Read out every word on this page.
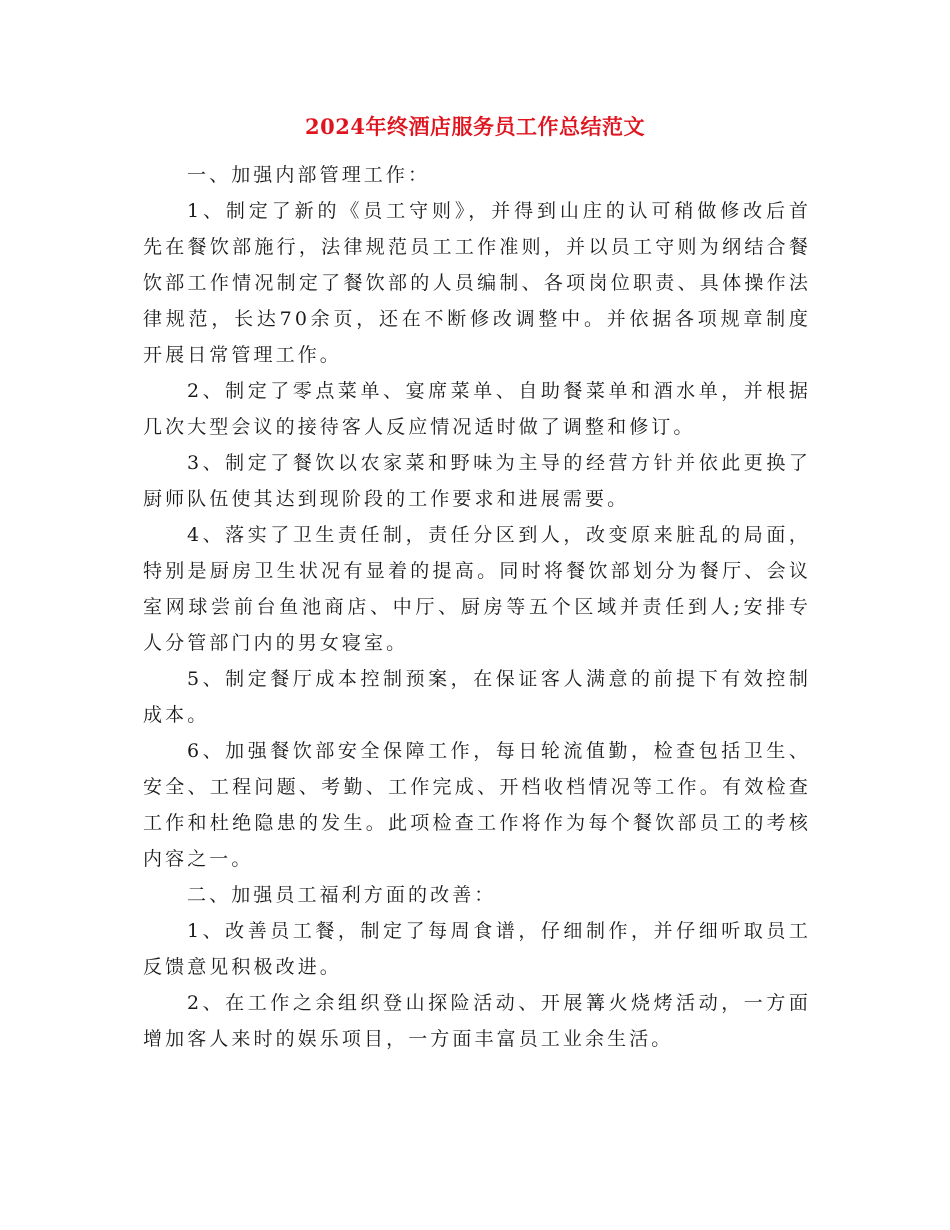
2024年终酒店服务员工作总结范文

一、加强内部管理工作：

1、制定了新的《员工守则》，并得到山庄的认可稍做修改后首先在餐饮部施行，法律规范员工工作准则，并以员工守则为纲结合餐饮部工作情况制定了餐饮部的人员编制、各项岗位职责、具体操作法律规范，长达70余页，还在不断修改调整中。并依据各项规章制度开展日常管理工作。

2、制定了零点菜单、宴席菜单、自助餐菜单和酒水单，并根据几次大型会议的接待客人反应情况适时做了调整和修订。

3、制定了餐饮以农家菜和野味为主导的经营方针并依此更换了厨师队伍使其达到现阶段的工作要求和进展需要。

4、落实了卫生责任制，责任分区到人，改变原来脏乱的局面，特别是厨房卫生状况有显着的提高。同时将餐饮部划分为餐厅、会议室网球尝前台鱼池商店、中厅、厨房等五个区域并责任到人;安排专人分管部门内的男女寝室。

5、制定餐厅成本控制预案，在保证客人满意的前提下有效控制成本。

6、加强餐饮部安全保障工作，每日轮流值勤，检查包括卫生、安全、工程问题、考勤、工作完成、开档收档情况等工作。有效检查工作和杜绝隐患的发生。此项检查工作将作为每个餐饮部员工的考核内容之一。

二、加强员工福利方面的改善：

1、改善员工餐，制定了每周食谱，仔细制作，并仔细听取员工反馈意见积极改进。

2、在工作之余组织登山探险活动、开展篝火烧烤活动，一方面增加客人来时的娱乐项目，一方面丰富员工业余生活。
